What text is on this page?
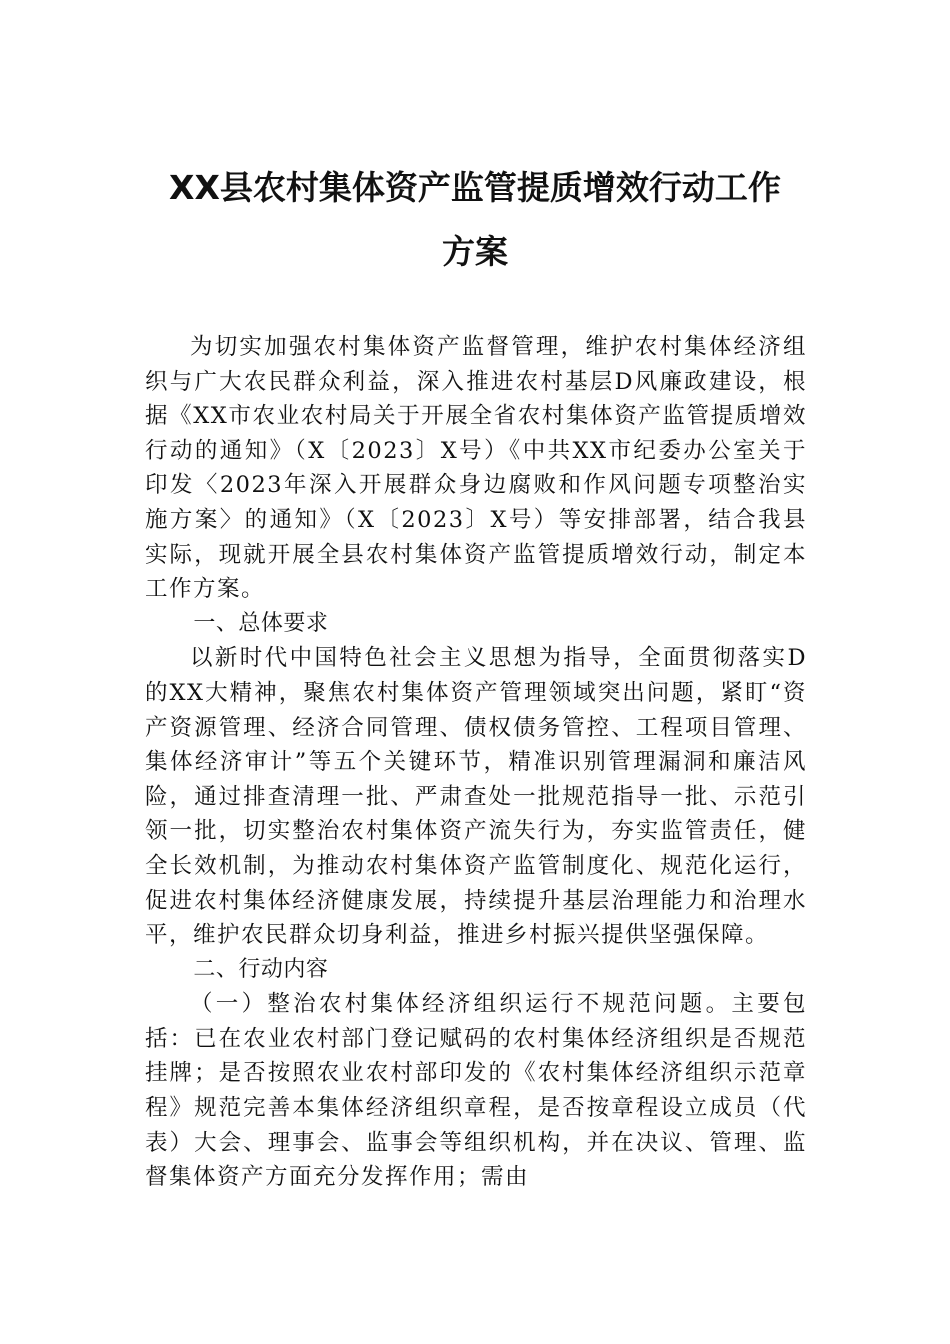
XX县农村集体资产监管提质增效行动工作
方案

为切实加强农村集体资产监督管理，维护农村集体经济组织与广大农民群众利益，深入推进农村基层D风廉政建设，根据《XX市农业农村局关于开展全省农村集体资产监管提质增效行动的通知》（X〔2023〕X号）《中共XX市纪委办公室关于印发〈2023年深入开展群众身边腐败和作风问题专项整治实施方案〉的通知》（X〔2023〕X号）等安排部署，结合我县实际，现就开展全县农村集体资产监管提质增效行动，制定本工作方案。

一、总体要求

以新时代中国特色社会主义思想为指导，全面贯彻落实D的XX大精神，聚焦农村集体资产管理领域突出问题，紧盯“资产资源管理、经济合同管理、债权债务管控、工程项目管理、集体经济审计”等五个关键环节，精准识别管理漏洞和廉洁风险，通过排查清理一批、严肃查处一批规范指导一批、示范引领一批，切实整治农村集体资产流失行为，夯实监管责任，健全长效机制，为推动农村集体资产监管制度化、规范化运行，促进农村集体经济健康发展，持续提升基层治理能力和治理水平，维护农民群众切身利益，推进乡村振兴提供坚强保障。

二、行动内容

（一）整治农村集体经济组织运行不规范问题。主要包括：已在农业农村部门登记赋码的农村集体经济组织是否规范挂牌；是否按照农业农村部印发的《农村集体经济组织示范章程》规范完善本集体经济组织章程，是否按章程设立成员（代表）大会、理事会、监事会等组织机构，并在决议、管理、监督集体资产方面充分发挥作用；需由
